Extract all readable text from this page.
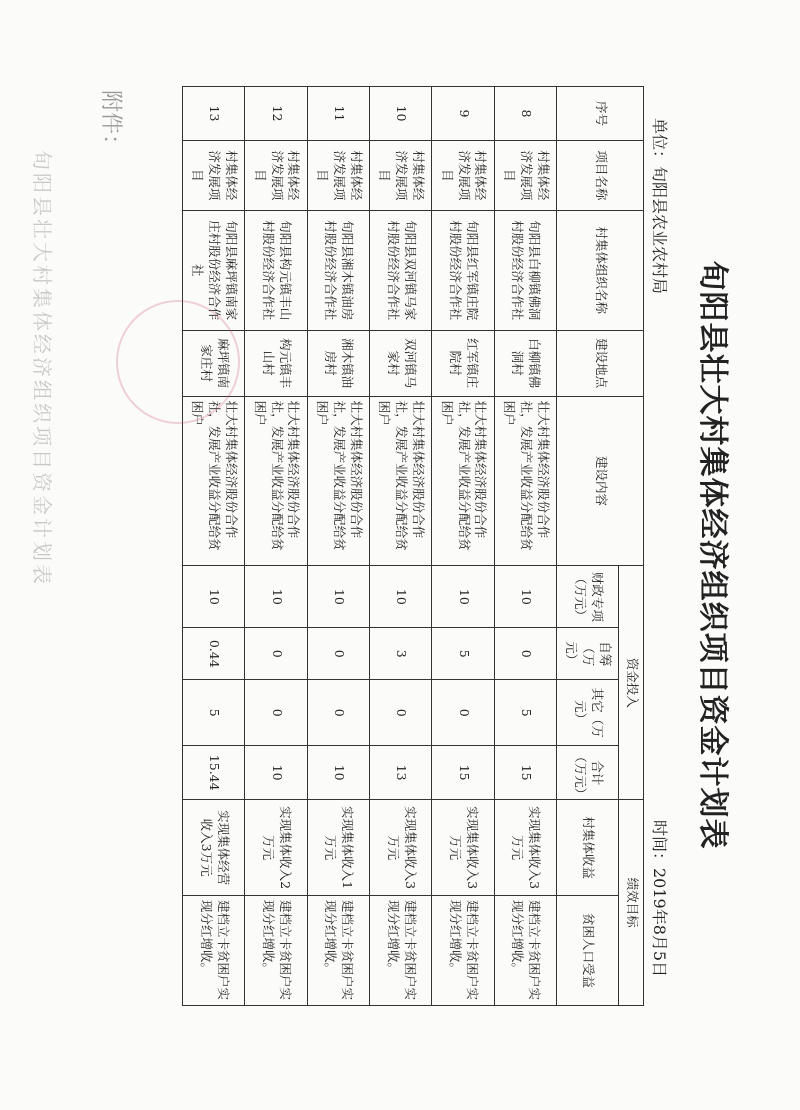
旬阳县壮大村集体经济组织项目资金计划表
单位：旬阳县农业农村局
时间：2019年8月5日
序号	项目名称	村集体组织名称	建设地点	建设内容	资金投入				绩效目标	
					财政专项（万元）	自筹（万元）	其它（万元）	合计（万元）	村集体收益	贫困人口受益
8	村集体经济发展项目	旬阳县白柳镇佛洞村股份经济合作社	白柳镇佛洞村	壮大村集体经济股份合作社，发展产业收益分配给贫困户	10	0	5	15	实现集体收入3万元	建档立卡贫困户实现分红增收。
9	村集体经济发展项目	旬阳县红军镇庄院村股份经济合作社	红军镇庄院村	壮大村集体经济股份合作社，发展产业收益分配给贫困户	10	5	0	15	实现集体收入3万元	建档立卡贫困户实现分红增收。
10	村集体经济发展项目	旬阳县双河镇马家村股份经济合作社	双河镇马家村	壮大村集体经济股份合作社，发展产业收益分配给贫困户	10	3	0	13	实现集体收入3万元	建档立卡贫困户实现分红增收。
11	村集体经济发展项目	旬阳县湘木镇油房村股份经济合作社	湘木镇油房村	壮大村集体经济股份合作社，发展产业收益分配给贫困户	10	0	0	10	实现集体收入1万元	建档立卡贫困户实现分红增收。
12	村集体经济发展项目	旬阳县构元镇丰山村股份经济合作社	构元镇丰山村	壮大村集体经济股份合作社，发展产业收益分配给贫困户	10	0	0	10	实现集体收入2万元	建档立卡贫困户实现分红增收。
13	村集体经济发展项目	旬阳县麻坪镇南家庄村股份经济合作社	麻坪镇南家庄村	壮大村集体经济股份合作社，发展产业收益分配给贫困户	10	0.44	5	15.44	实现集体经营收入3万元	建档立卡贫困户实现分红增收。
附件：
旬阳县壮大村集体经济组织项目资金计划表
